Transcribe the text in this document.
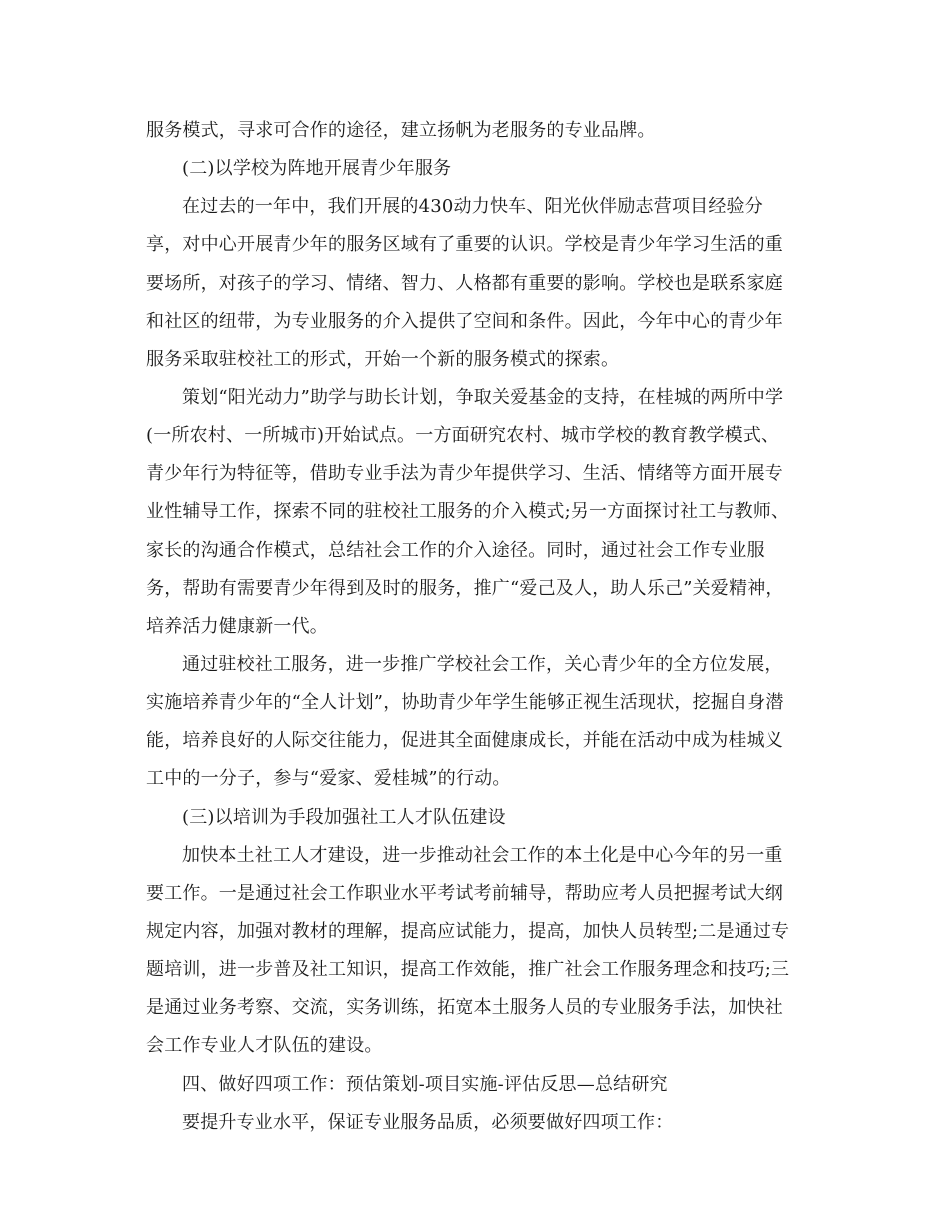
服务模式，寻求可合作的途径，建立扬帆为老服务的专业品牌。
(二)以学校为阵地开展青少年服务
在过去的一年中，我们开展的430动力快车、阳光伙伴励志营项目经验分
享，对中心开展青少年的服务区域有了重要的认识。学校是青少年学习生活的重
要场所，对孩子的学习、情绪、智力、人格都有重要的影响。学校也是联系家庭
和社区的纽带，为专业服务的介入提供了空间和条件。因此，今年中心的青少年
服务采取驻校社工的形式，开始一个新的服务模式的探索。
策划“阳光动力”助学与助长计划，争取关爱基金的支持，在桂城的两所中学
(一所农村、一所城市)开始试点。一方面研究农村、城市学校的教育教学模式、
青少年行为特征等，借助专业手法为青少年提供学习、生活、情绪等方面开展专
业性辅导工作，探索不同的驻校社工服务的介入模式;另一方面探讨社工与教师、
家长的沟通合作模式，总结社会工作的介入途径。同时，通过社会工作专业服
务，帮助有需要青少年得到及时的服务，推广“爱己及人，助人乐己”关爱精神，
培养活力健康新一代。
通过驻校社工服务，进一步推广学校社会工作，关心青少年的全方位发展，
实施培养青少年的“全人计划”，协助青少年学生能够正视生活现状，挖掘自身潜
能，培养良好的人际交往能力，促进其全面健康成长，并能在活动中成为桂城义
工中的一分子，参与“爱家、爱桂城”的行动。
(三)以培训为手段加强社工人才队伍建设
加快本土社工人才建设，进一步推动社会工作的本土化是中心今年的另一重
要工作。一是通过社会工作职业水平考试考前辅导，帮助应考人员把握考试大纲
规定内容，加强对教材的理解，提高应试能力，提高，加快人员转型;二是通过专
题培训，进一步普及社工知识，提高工作效能，推广社会工作服务理念和技巧;三
是通过业务考察、交流，实务训练，拓宽本土服务人员的专业服务手法，加快社
会工作专业人才队伍的建设。
四、做好四项工作：预估策划-项目实施-评估反思—总结研究
要提升专业水平，保证专业服务品质，必须要做好四项工作：
